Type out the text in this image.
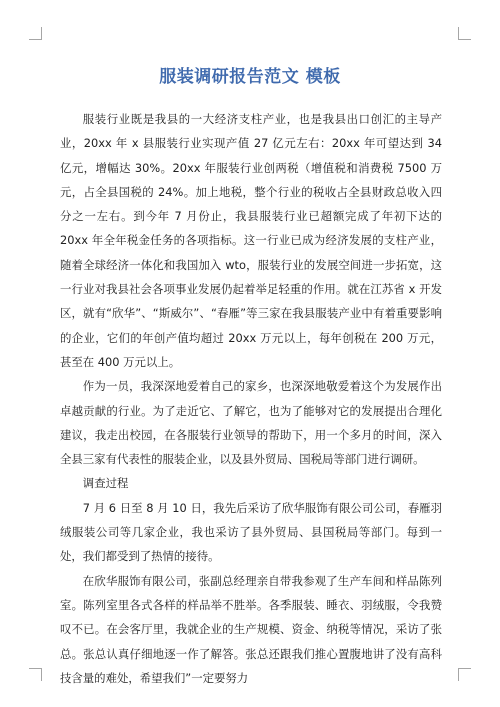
服装调研报告范文 模板

服装行业既是我县的一大经济支柱产业，也是我县出口创汇的主导产业，20xx 年 x 县服装行业实现产值 27 亿元左右：20xx 年可望达到 34 亿元，增幅达 30%。20xx 年服装行业创两税（增值税和消费税 7500 万元，占全县国税的 24%。加上地税，整个行业的税收占全县财政总收入四分之一左右。到今年 7 月份止，我县服装行业已超额完成了年初下达的 20xx 年全年税金任务的各项指标。这一行业已成为经济发展的支柱产业，随着全球经济一体化和我国加入 wto，服装行业的发展空间进一步拓宽，这一行业对我县社会各项事业发展仍起着举足轻重的作用。就在江苏省 x 开发区，就有“欣华”、“斯威尔”、“春雁”等三家在我县服装产业中有着重要影响的企业，它们的年创产值均超过 20xx 万元以上，每年创税在 200 万元，甚至在 400 万元以上。

作为一员，我深深地爱着自己的家乡，也深深地敬爱着这个为发展作出卓越贡献的行业。为了走近它、了解它，也为了能够对它的发展提出合理化建议，我走出校园，在各服装行业领导的帮助下，用一个多月的时间，深入全县三家有代表性的服装企业，以及县外贸局、国税局等部门进行调研。

调查过程

7 月 6 日至 8 月 10 日，我先后采访了欣华服饰有限公司公司，春雁羽绒服装公司等几家企业，我也采访了县外贸局、县国税局等部门。每到一处，我们都受到了热情的接待。

在欣华服饰有限公司，张副总经理亲自带我参观了生产车间和样品陈列室。陈列室里各式各样的样品举不胜举。各季服装、睡衣、羽绒服，令我赞叹不已。在会客厅里，我就企业的生产规模、资金、纳税等情况，采访了张总。张总认真仔细地逐一作了解答。张总还跟我们推心置腹地讲了没有高科技含量的难处，希望我们”一定要努力
